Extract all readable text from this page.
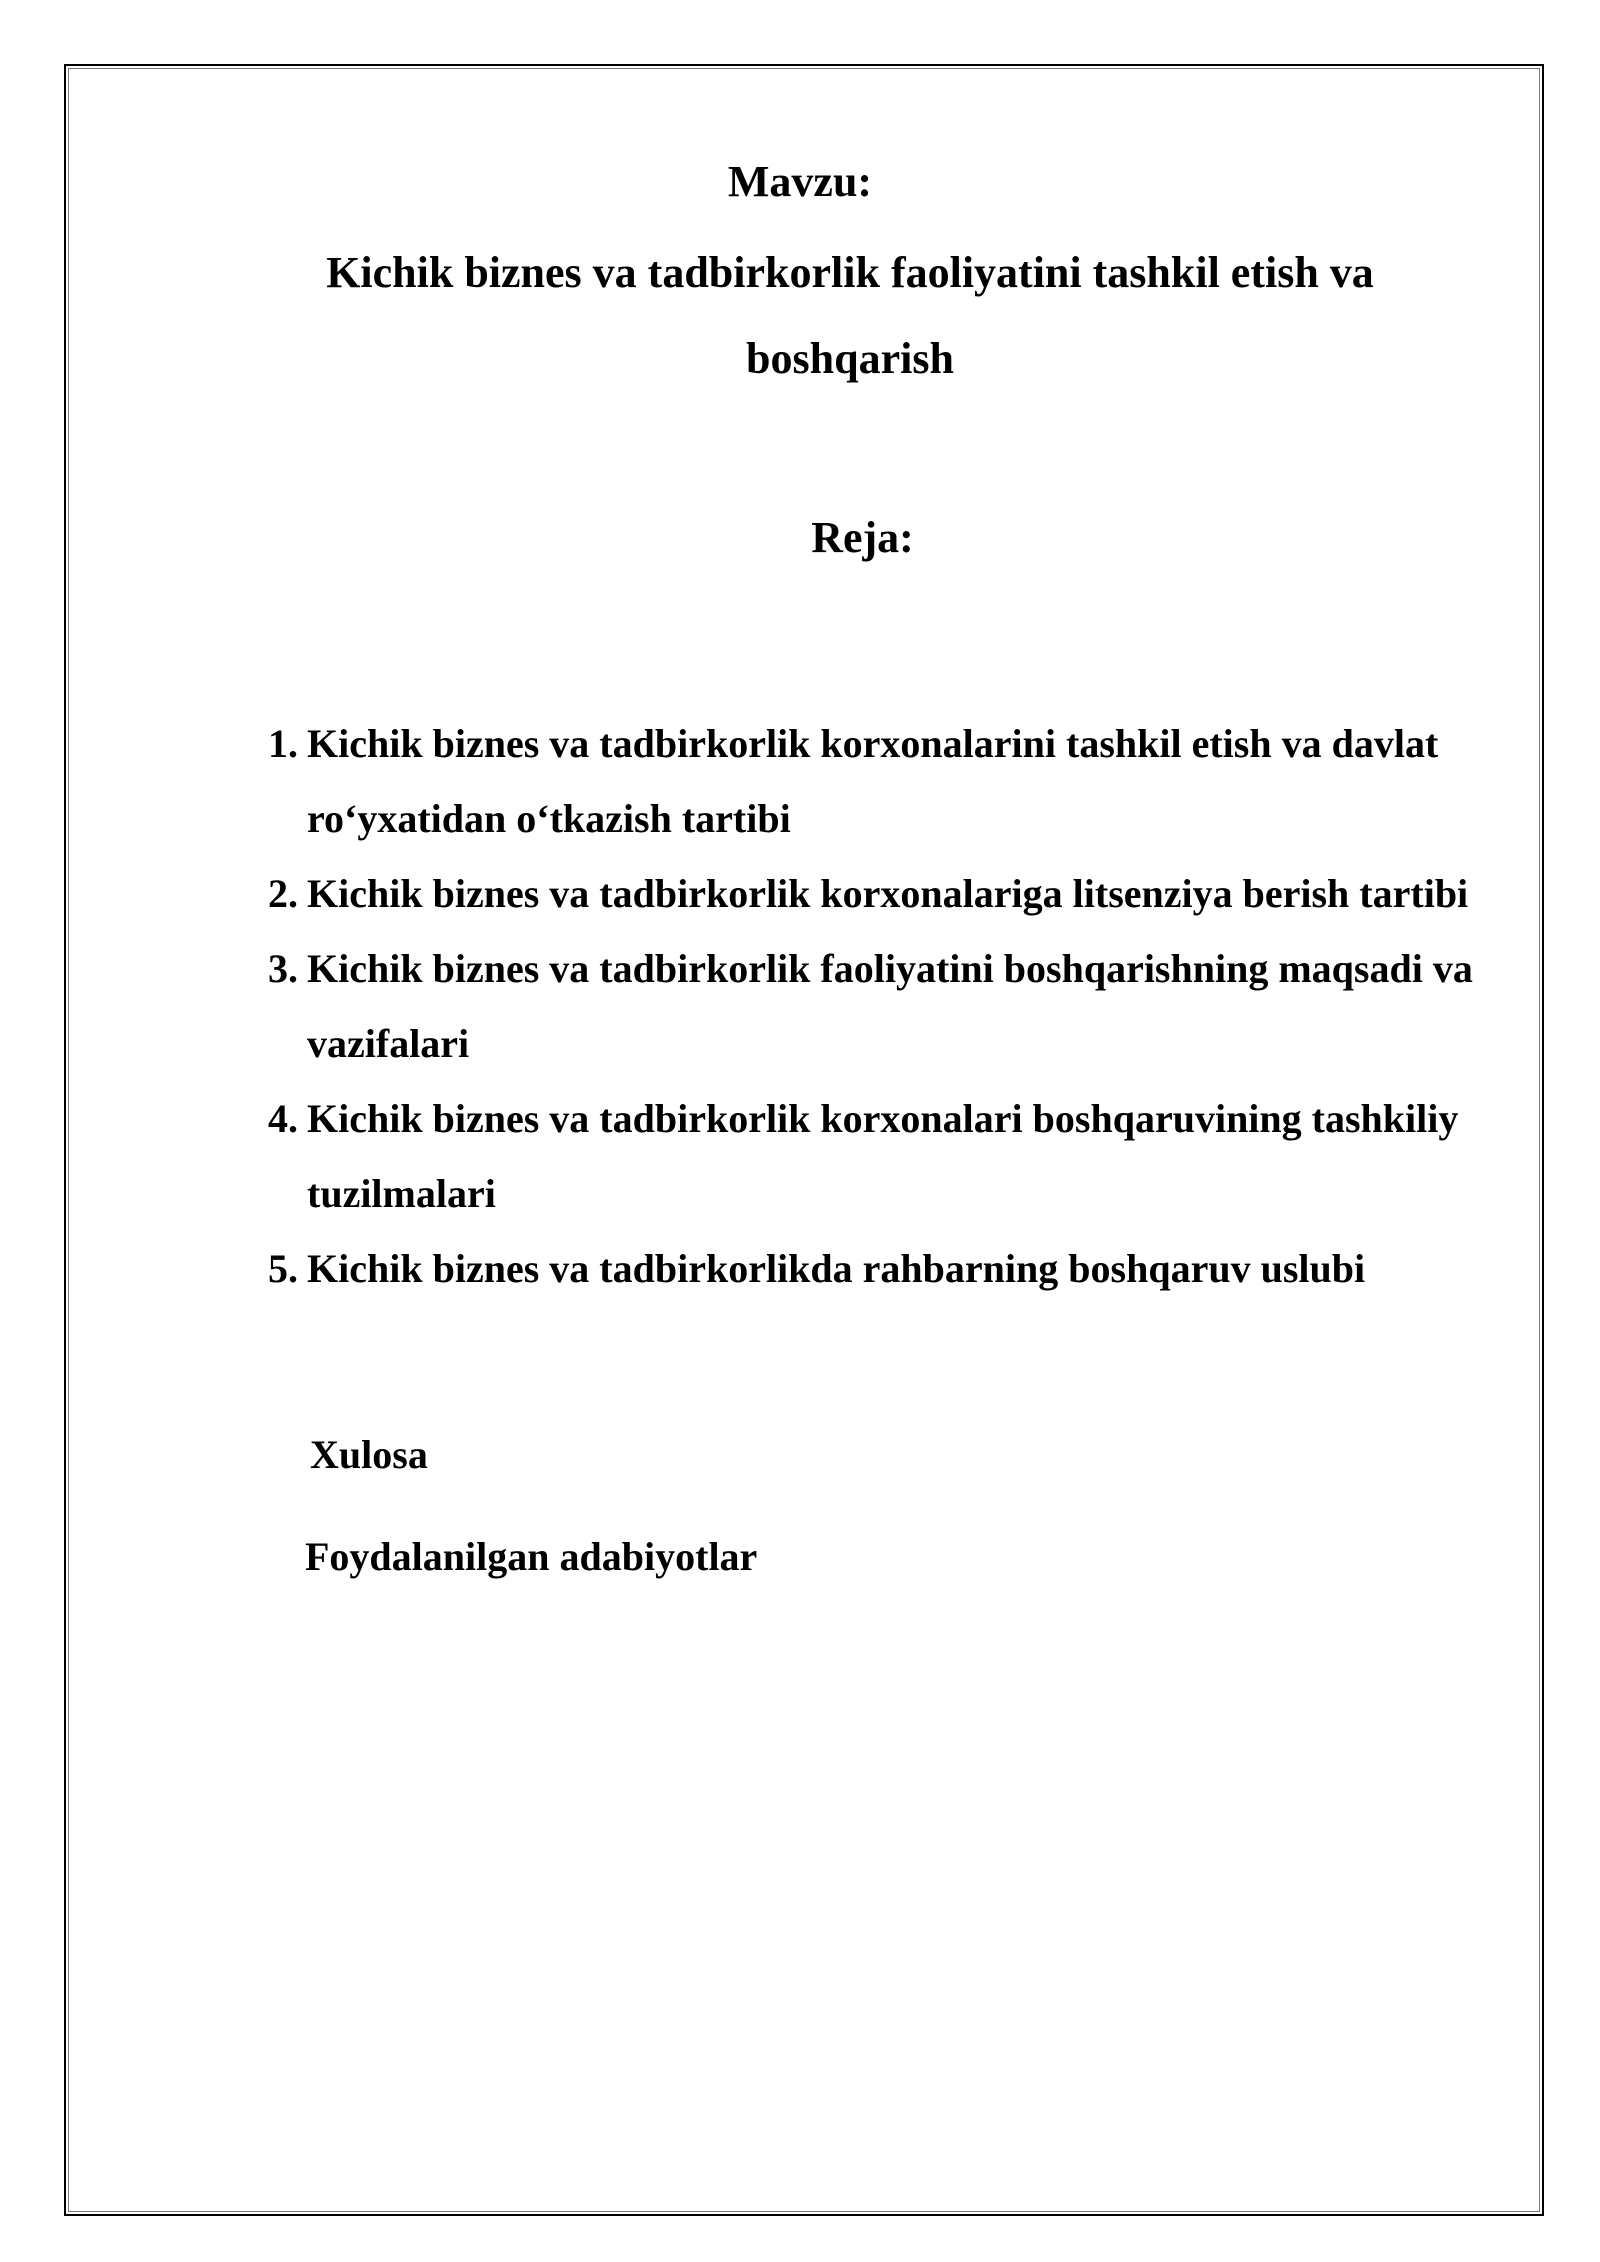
Mavzu:
Kichik biznes va tadbirkorlik faoliyatini tashkil etish va boshqarish
Reja:
1. Kichik biznes va tadbirkorlik korxonalarini tashkil etish va davlat ro‘yxatidan o‘tkazish tartibi
2. Kichik biznes va tadbirkorlik korxonalariga litsenziya berish tartibi
3. Kichik biznes va tadbirkorlik faoliyatini boshqarishning maqsadi va vazifalari
4. Kichik biznes va tadbirkorlik korxonalari boshqaruvining tashkiliy tuzilmalari
5. Kichik biznes va tadbirkorlikda rahbarning boshqaruv uslubi
Xulosa
Foydalanilgan adabiyotlar
